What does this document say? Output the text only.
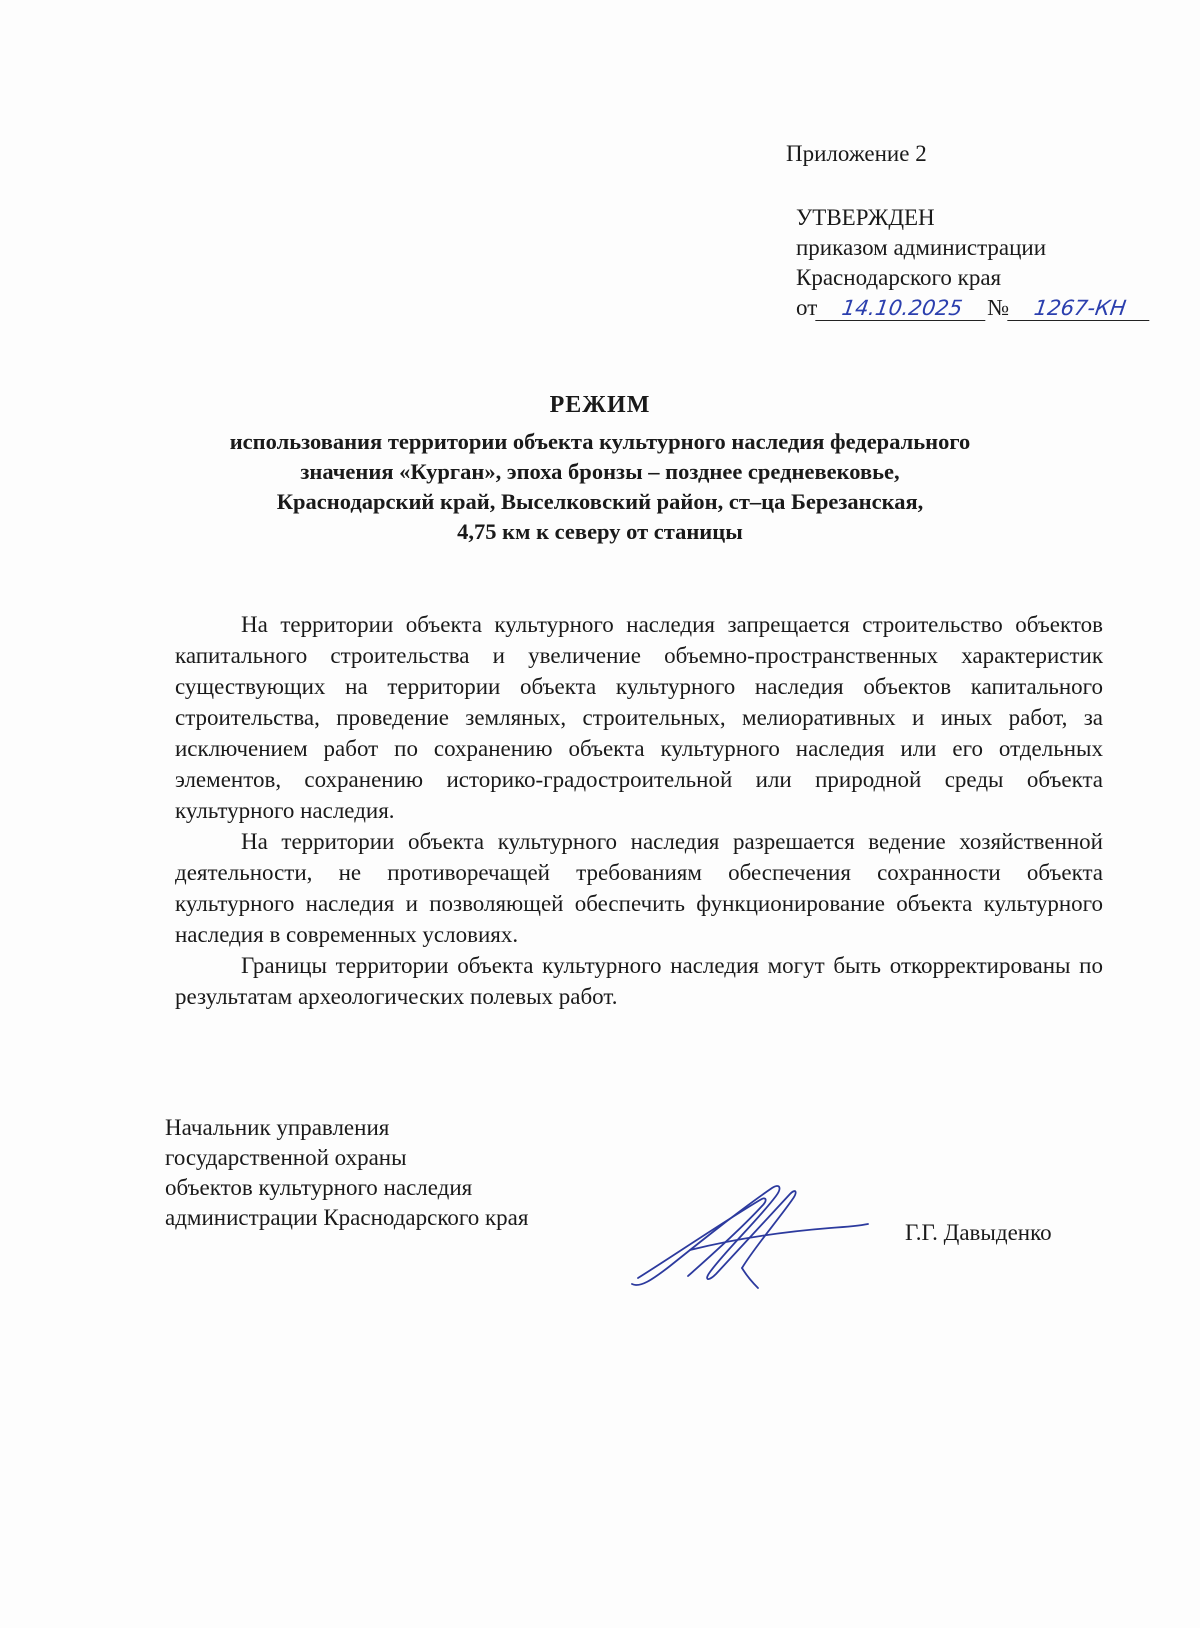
Приложение 2
УТВЕРЖДЕН
приказом администрации
Краснодарского края
от 14.10.2025 № 1267-КН
РЕЖИМ
использования территории объекта культурного наследия федерального
значения «Курган», эпоха бронзы – позднее средневековье,
Краснодарский край, Выселковский район, ст–ца Березанская,
4,75 км к северу от станицы

На территории объекта культурного наследия запрещается строительство объектов капитального строительства и увеличение объемно-пространственных характеристик существующих на территории объекта культурного наследия объектов капитального строительства, проведение земляных, строительных, мелиоративных и иных работ, за исключением работ по сохранению объекта культурного наследия или его отдельных элементов, сохранению историко-градостроительной или природной среды объекта культурного наследия.

На территории объекта культурного наследия разрешается ведение хозяйственной деятельности, не противоречащей требованиям обеспечения сохранности объекта культурного наследия и позволяющей обеспечить функционирование объекта культурного наследия в современных условиях.

Границы территории объекта культурного наследия могут быть откорректированы по результатам археологических полевых работ.

Начальник управления
государственной охраны
объектов культурного наследия
администрации Краснодарского края
Г.Г. Давыденко
